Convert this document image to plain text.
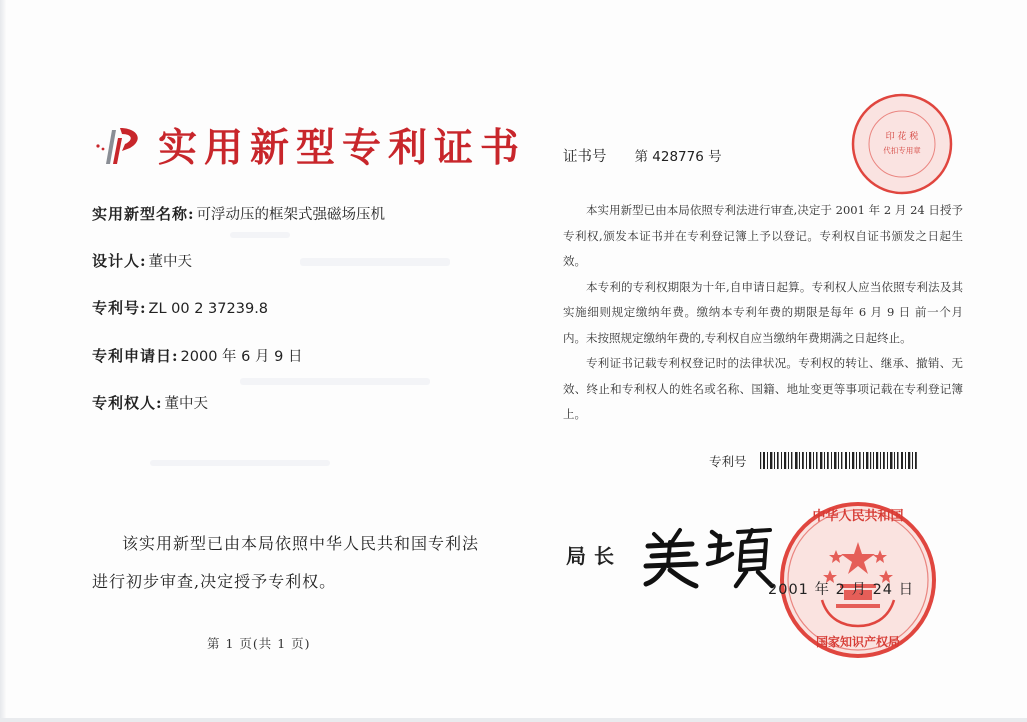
实用新型专利证书
实用新型名称: 可浮动压的框架式强磁场压机
设计人: 董中天
专利号: ZL 00 2 37239.8
专利申请日: 2000 年 6 月 9 日
专利权人: 董中天
该实用新型已由本局依照中华人民共和国专利法
进行初步审查,决定授予专利权。
第 1 页(共 1 页)
证书号 第 428776 号
印 花 税
代扣专用章

本实用新型已由本局依照专利法进行审查,决定于 2001 年 2 月 24 日授予专利权,颁发本证书并在专利登记簿上予以登记。专利权自证书颁发之日起生效。

本专利的专利权期限为十年,自申请日起算。专利权人应当依照专利法及其实施细则规定缴纳年费。缴纳本专利年费的期限是每年 6 月 9 日 前一个月内。未按照规定缴纳年费的,专利权自应当缴纳年费期满之日起终止。

专利证书记载专利权登记时的法律状况。专利权的转让、继承、撤销、无效、终止和专利权人的姓名或名称、国籍、地址变更等事项记载在专利登记簿上。

专利号
局长
中华人民共和国
国家知识产权局
2001 年 2 月 24 日
